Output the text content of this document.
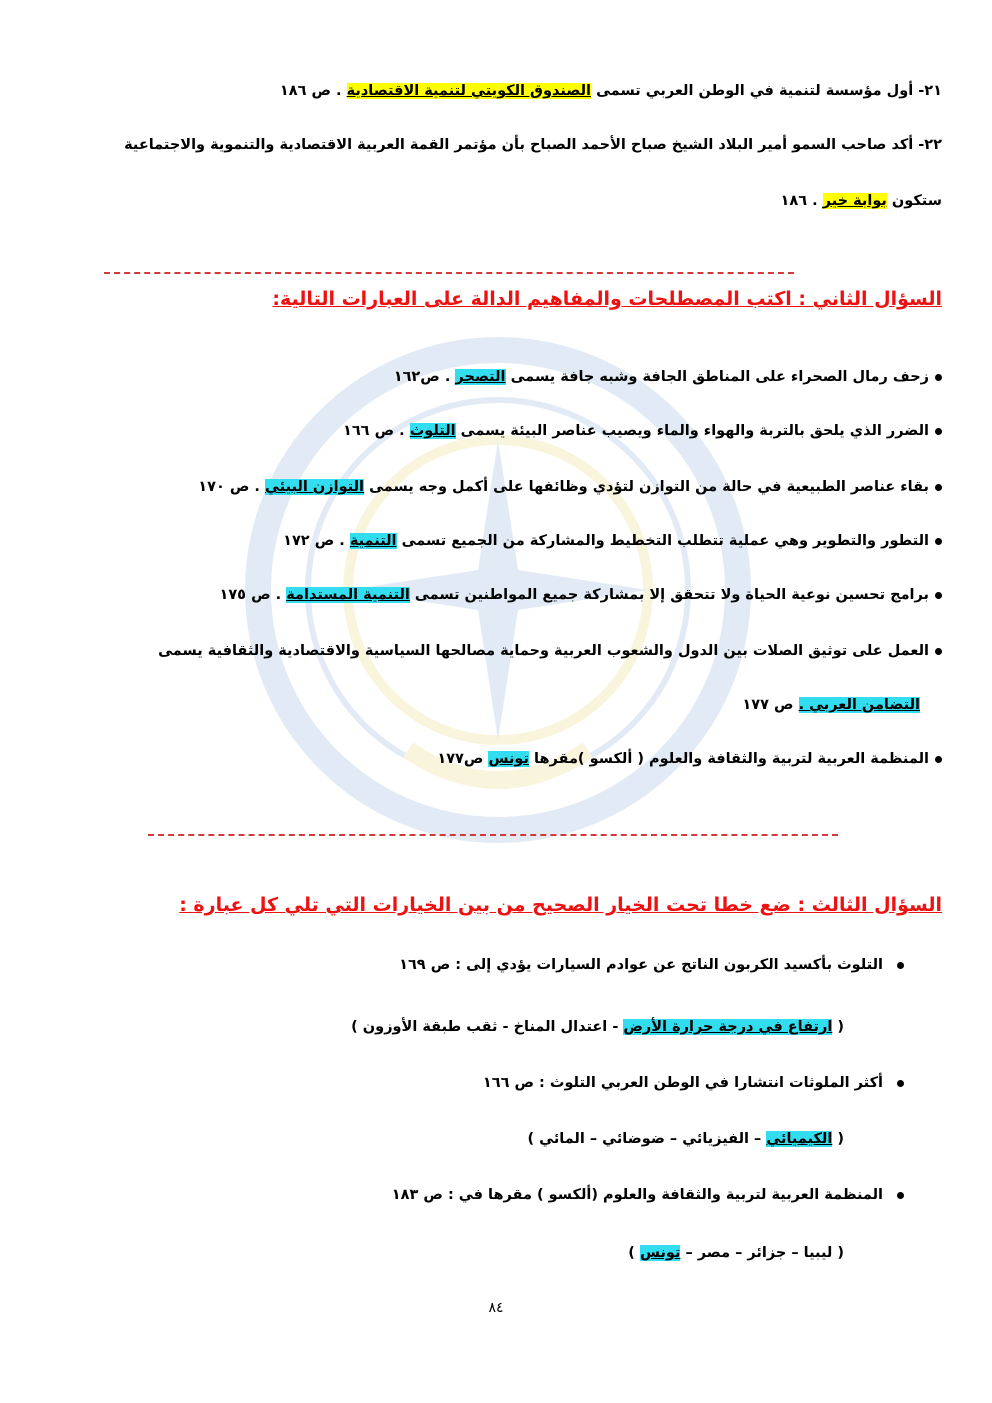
٢١- أول مؤسسة لتنمية في الوطن العربي تسمى الصندوق الكويتي لتنمية الاقتصادية . ص ١٨٦
٢٢- أكد صاحب السمو أمير البلاد الشيخ صباح الأحمد الصباح بأن مؤتمر القمة العربية الاقتصادية والتنموية والاجتماعية
ستكون بوابة خير . ١٨٦
السؤال الثاني : اكتب المصطلحات والمفاهيم الدالة على العبارات التالية:
زحف رمال الصحراء على المناطق الجافة وشبه جافة يسمى التصحر . ص١٦٢
الضرر الذي يلحق بالتربة والهواء والماء ويصيب عناصر البيئة يسمى التلوث . ص ١٦٦
بقاء عناصر الطبيعية في حالة من التوازن لتؤدي وظائفها على أكمل وجه يسمى التوازن البيئي . ص ١٧٠
التطور والتطوير وهي عملية تتطلب التخطيط والمشاركة من الجميع تسمى التنمية . ص ١٧٢
برامج تحسين نوعية الحياة ولا تتحقق إلا بمشاركة جميع المواطنين تسمى التنمية المستدامة . ص ١٧٥
العمل على توثيق الصلات بين الدول والشعوب العربية وحماية مصالحها السياسية والاقتصادية والثقافية يسمى
التضامن العربي . ص ١٧٧
المنظمة العربية لتربية والثقافة والعلوم ( ألكسو )مقرها تونس ص١٧٧
السؤال الثالث : ضع خطا تحت الخيار الصحيح من بين الخيارات التي تلي كل عبارة :
التلوث بأكسيد الكربون الناتج عن عوادم السيارات يؤدي إلى : ص ١٦٩
( ارتفاع في درجة حرارة الأرض - اعتدال المناخ - ثقب طبقة الأوزون )
أكثر الملوثات انتشارا في الوطن العربي التلوث : ص ١٦٦
( الكيميائي – الفيزيائي – ضوضائي – المائي )
المنظمة العربية لتربية والثقافة والعلوم (ألكسو ) مقرها في : ص ١٨٣
( ليبيا – جزائر – مصر – تونس )
٨٤
